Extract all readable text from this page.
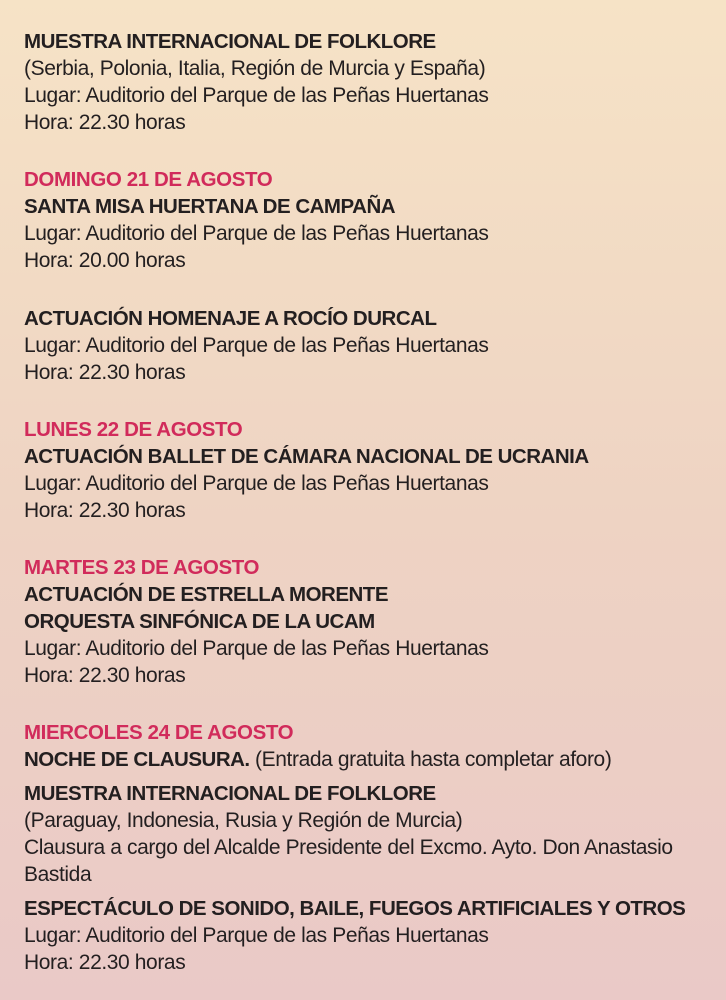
MUESTRA INTERNACIONAL DE FOLKLORE
(Serbia, Polonia, Italia, Región de Murcia y España)
Lugar: Auditorio del Parque de las Peñas Huertanas
Hora: 22.30 horas
DOMINGO 21 DE AGOSTO
SANTA MISA HUERTANA DE CAMPAÑA
Lugar: Auditorio del Parque de las Peñas Huertanas
Hora: 20.00 horas
ACTUACIÓN HOMENAJE A ROCÍO DURCAL
Lugar: Auditorio del Parque de las Peñas Huertanas
Hora: 22.30 horas
LUNES 22 DE AGOSTO
ACTUACIÓN BALLET DE CÁMARA NACIONAL DE UCRANIA
Lugar: Auditorio del Parque de las Peñas Huertanas
Hora: 22.30 horas
MARTES 23 DE AGOSTO
ACTUACIÓN DE ESTRELLA MORENTE
ORQUESTA SINFÓNICA DE LA UCAM
Lugar: Auditorio del Parque de las Peñas Huertanas
Hora: 22.30 horas
MIERCOLES 24 DE AGOSTO
NOCHE DE CLAUSURA. (Entrada gratuita hasta completar aforo)
MUESTRA INTERNACIONAL DE FOLKLORE
(Paraguay, Indonesia, Rusia y Región de Murcia)
Clausura a cargo del Alcalde Presidente del Excmo. Ayto. Don Anastasio
Bastida
ESPECTÁCULO DE SONIDO, BAILE, FUEGOS ARTIFICIALES Y OTROS
Lugar: Auditorio del Parque de las Peñas Huertanas
Hora: 22.30 horas
